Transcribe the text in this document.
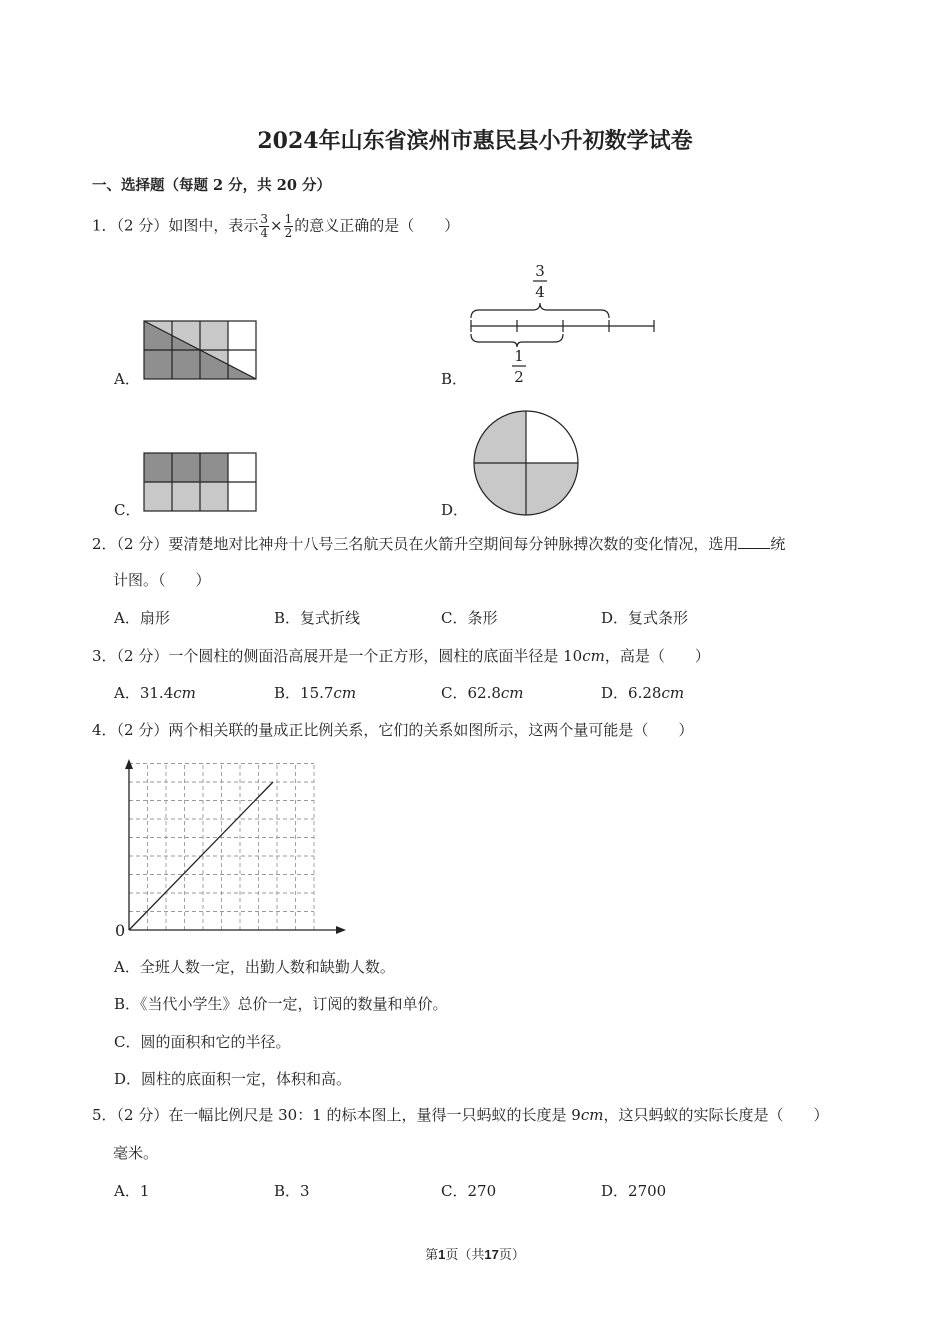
2024年山东省滨州市惠民县小升初数学试卷
一、选择题（每题 2 分，共 20 分）
1．（2 分）如图中，表示 $\frac{3}{4} \times \frac{1}{2}$ 的意义正确的是（　　）
A．	B．
C．	D．
3
4
1
2
2．（2 分）要清楚地对比神舟十八号三名航天员在火箭升空期间每分钟脉搏次数的变化情况，选用 统
计图。（　　）
A．扇形	B．复式折线	C．条形	D．复式条形
3．（2 分）一个圆柱的侧面沿高展开是一个正方形，圆柱的底面半径是 10cm，高是（　　）
A．31.4cm	B．15.7cm	C．62.8cm	D．6.28cm
4．（2 分）两个相关联的量成正比例关系，它们的关系如图所示，这两个量可能是（　　）
0
A．全班人数一定，出勤人数和缺勤人数。
B．《当代小学生》总价一定，订阅的数量和单价。
C．圆的面积和它的半径。
D．圆柱的底面积一定，体积和高。
5．（2 分）在一幅比例尺是 30：1 的标本图上，量得一只蚂蚁的长度是 9cm，这只蚂蚁的实际长度是（　　）
毫米。
A．1	B．3	C．270	D．2700
第1页（共17页）
